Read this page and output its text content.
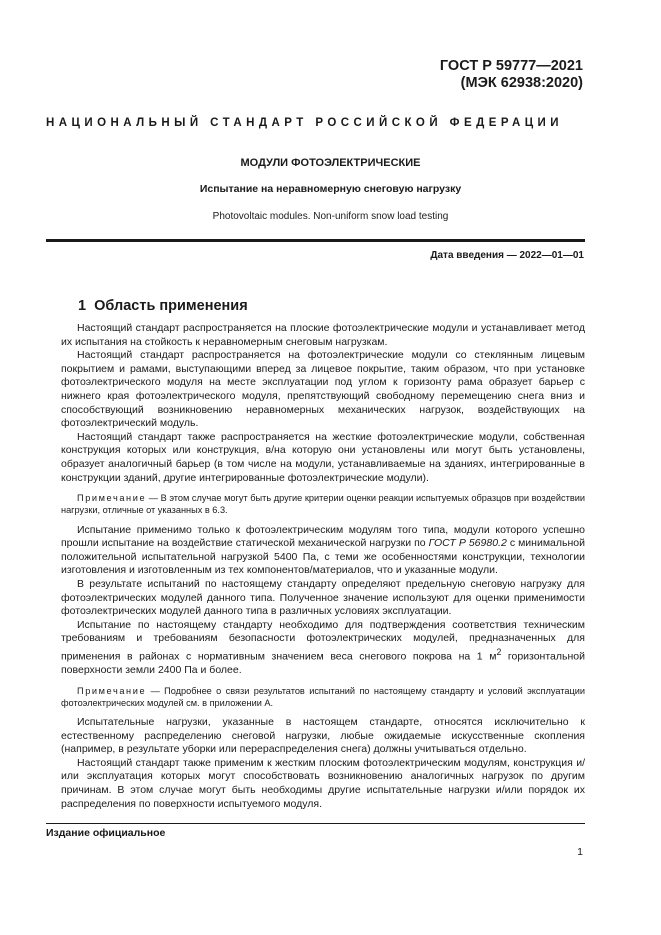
ГОСТ Р 59777—2021
(МЭК 62938:2020)
НАЦИОНАЛЬНЫЙ СТАНДАРТ РОССИЙСКОЙ ФЕДЕРАЦИИ
МОДУЛИ ФОТОЭЛЕКТРИЧЕСКИЕ
Испытание на неравномерную снеговую нагрузку
Photovoltaic modules. Non-uniform snow load testing
Дата введения — 2022—01—01
1 Область применения

Настоящий стандарт распространяется на плоские фотоэлектрические модули и устанавливает метод их испытания на стойкость к неравномерным снеговым нагрузкам.

Настоящий стандарт распространяется на фотоэлектрические модули со стеклянным лицевым покрытием и рамами, выступающими вперед за лицевое покрытие, таким образом, что при установке фотоэлектрического модуля на месте эксплуатации под углом к горизонту рама образует барьер с нижнего края фотоэлектрического модуля, препятствующий свободному перемещению снега вниз и способствующий возникновению неравномерных механических нагрузок, воздействующих на фотоэлектрический модуль.

Настоящий стандарт также распространяется на жесткие фотоэлектрические модули, собственная конструкция которых или конструкция, в/на которую они установлены или могут быть установлены, образует аналогичный барьер (в том числе на модули, устанавливаемые на зданиях, интегрированные в конструкции зданий, другие интегрированные фотоэлектрические модули).

Примечание — В этом случае могут быть другие критерии оценки реакции испытуемых образцов при воздействии нагрузки, отличные от указанных в 6.3.

Испытание применимо только к фотоэлектрическим модулям того типа, модули которого успешно прошли испытание на воздействие статической механической нагрузки по ГОСТ Р 56980.2 с минимальной положительной испытательной нагрузкой 5400 Па, с теми же особенностями конструкции, технологии изготовления и изготовленным из тех компонентов/материалов, что и указанные модули.

В результате испытаний по настоящему стандарту определяют предельную снеговую нагрузку для фотоэлектрических модулей данного типа. Полученное значение используют для оценки применимости фотоэлектрических модулей данного типа в различных условиях эксплуатации.

Испытание по настоящему стандарту необходимо для подтверждения соответствия техническим требованиям и требованиям безопасности фотоэлектрических модулей, предназначенных для применения в районах с нормативным значением веса снегового покрова на 1 $м^2$ горизонтальной поверхности земли 2400 Па и более.

Примечание — Подробнее о связи результатов испытаний по настоящему стандарту и условий эксплуатации фотоэлектрических модулей см. в приложении А.

Испытательные нагрузки, указанные в настоящем стандарте, относятся исключительно к естественному распределению снеговой нагрузки, любые ожидаемые искусственные скопления (например, в результате уборки или перераспределения снега) должны учитываться отдельно.

Настоящий стандарт также применим к жестким плоским фотоэлектрическим модулям, конструкция и/или эксплуатация которых могут способствовать возникновению аналогичных нагрузок по другим причинам. В этом случае могут быть необходимы другие испытательные нагрузки и/или порядок их распределения по поверхности испытуемого модуля.

Издание официальное
1
